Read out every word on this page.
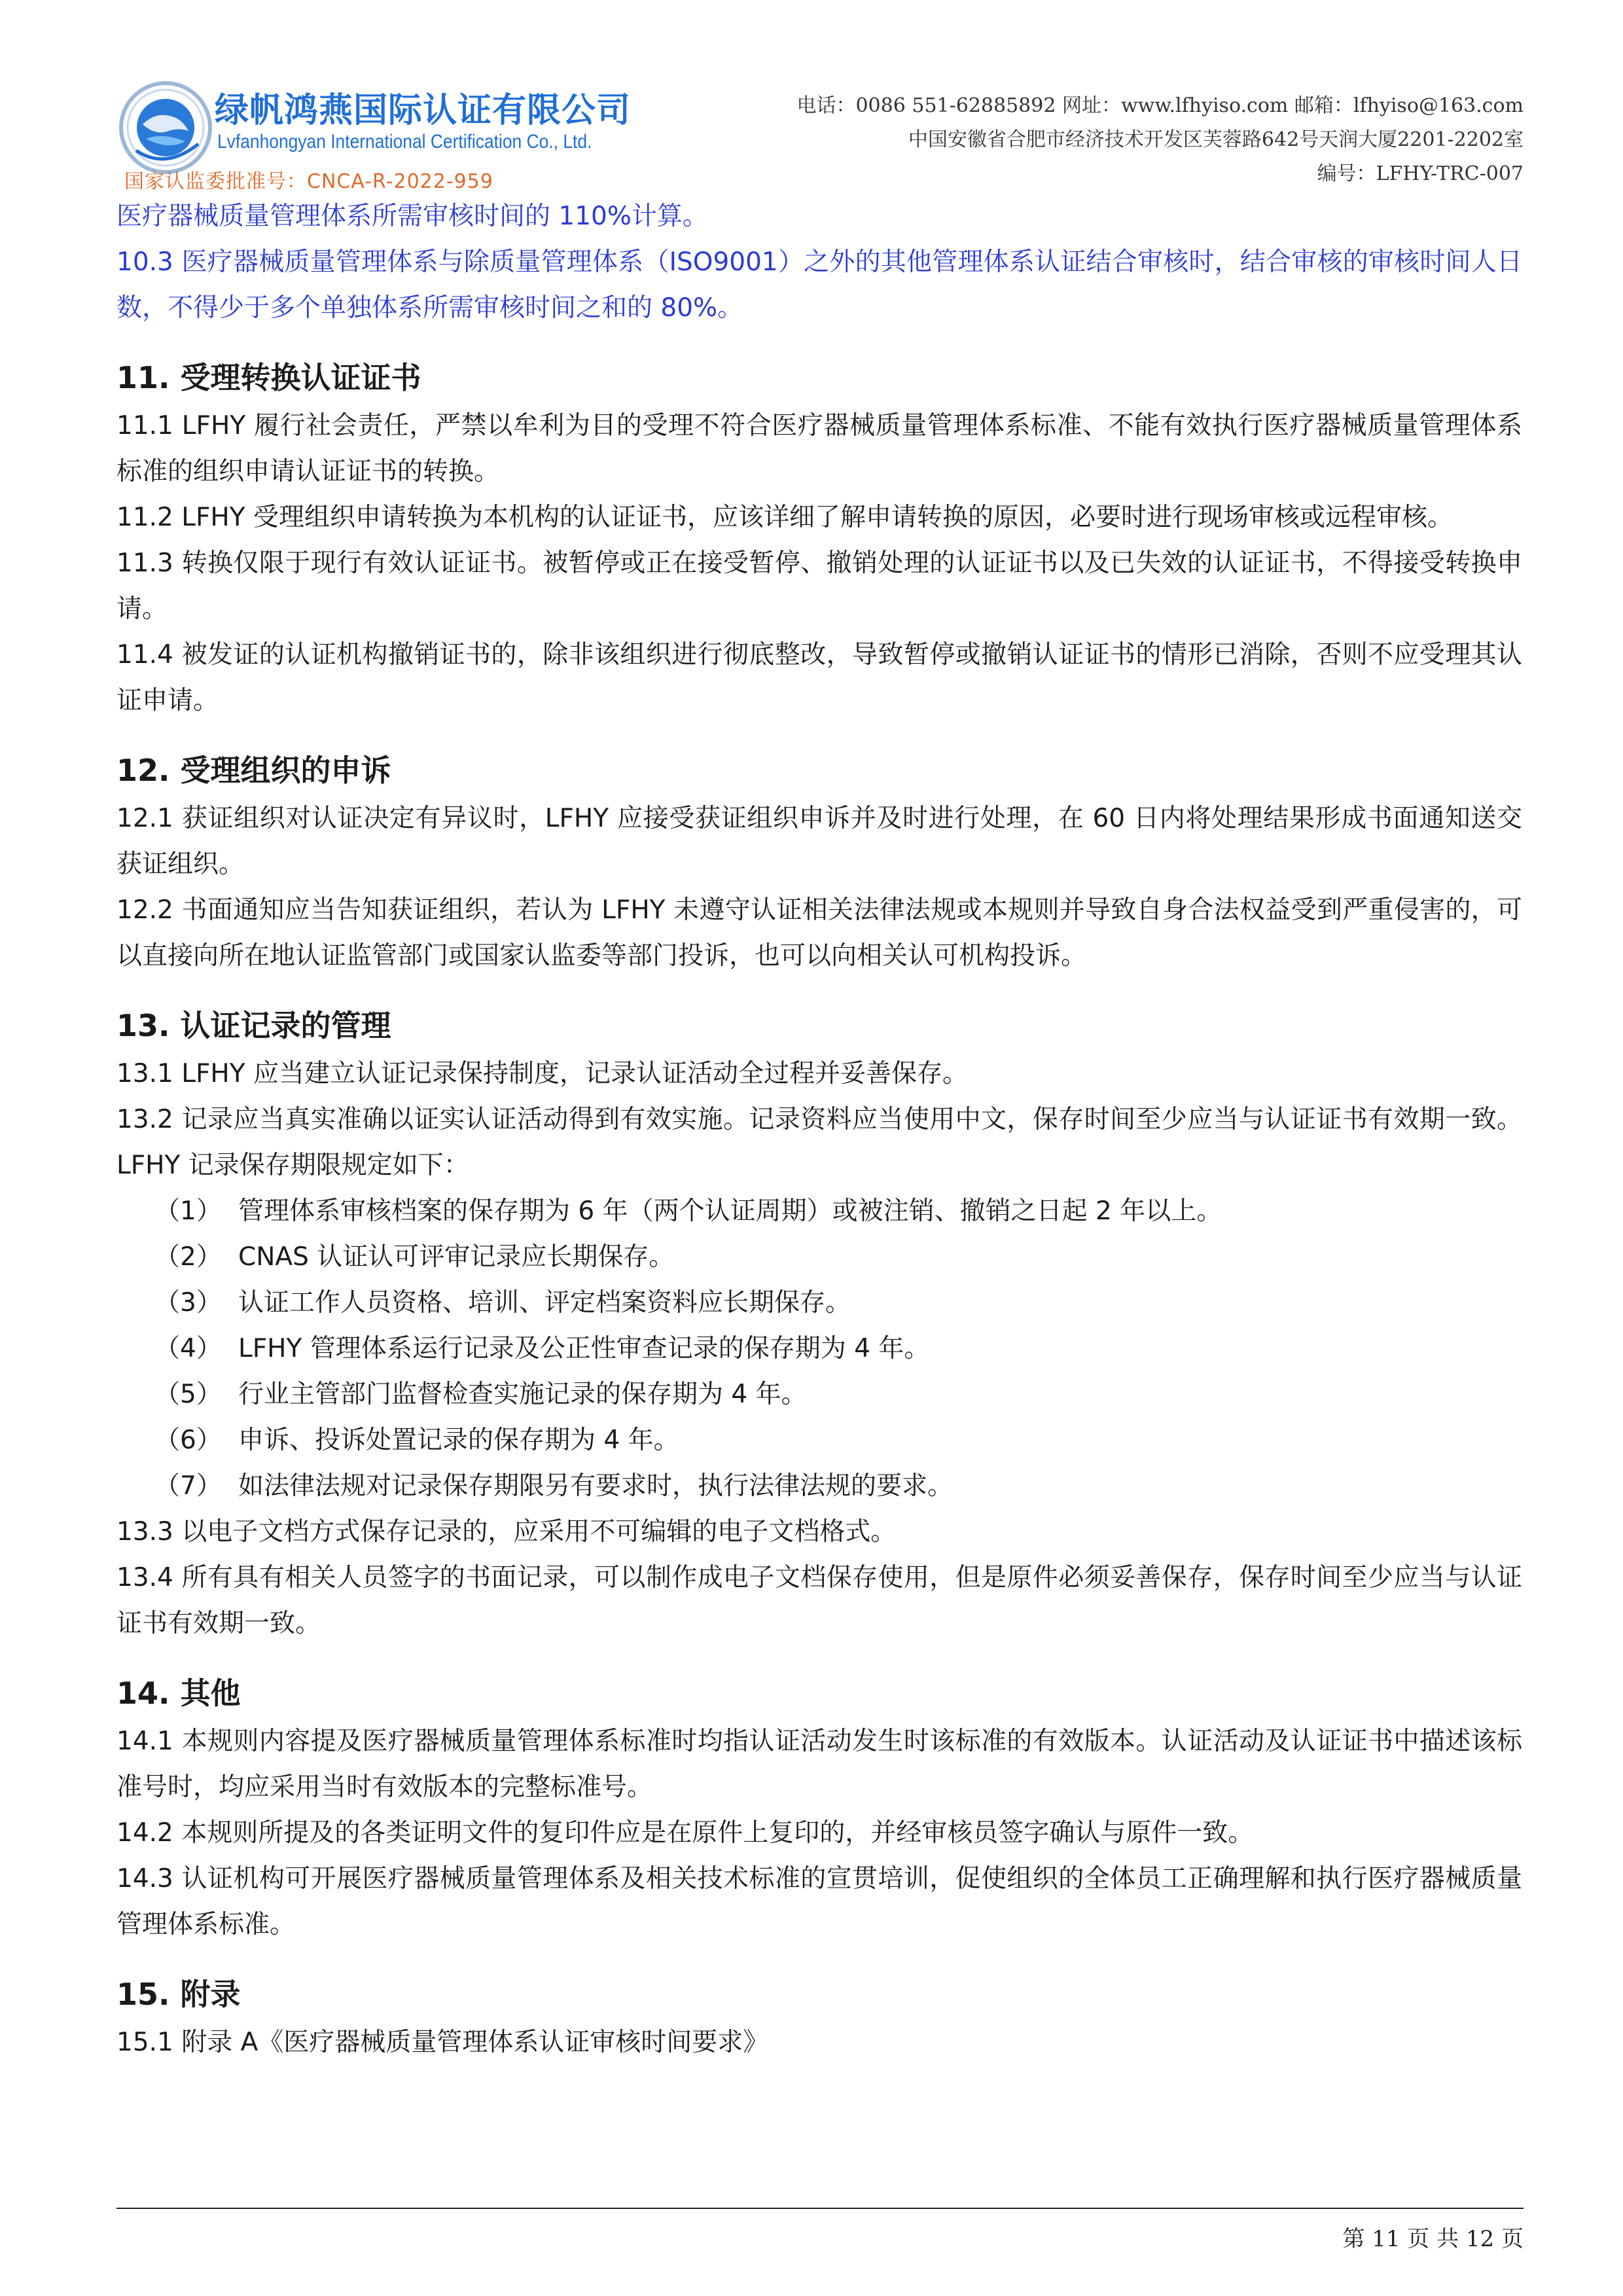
绿帆鸿燕国际认证有限公司
Lvfanhongyan International Certification Co., Ltd.
国家认监委批准号：CNCA-R-2022-959
电话：0086 551-62885892 网址：www.lfhyiso.com 邮箱：lfhyiso@163.com
中国安徽省合肥市经济技术开发区芙蓉路642号天润大厦2201-2202室
编号：LFHY-TRC-007

医疗器械质量管理体系所需审核时间的 110%计算。

10.3 医疗器械质量管理体系与除质量管理体系（ISO9001）之外的其他管理体系认证结合审核时，结合审核的审核时间人日数，不得少于多个单独体系所需审核时间之和的 80%。

11. 受理转换认证证书

11.1 LFHY 履行社会责任，严禁以牟利为目的受理不符合医疗器械质量管理体系标准、不能有效执行医疗器械质量管理体系标准的组织申请认证证书的转换。

11.2 LFHY 受理组织申请转换为本机构的认证证书，应该详细了解申请转换的原因，必要时进行现场审核或远程审核。

11.3 转换仅限于现行有效认证证书。被暂停或正在接受暂停、撤销处理的认证证书以及已失效的认证证书，不得接受转换申请。

11.4 被发证的认证机构撤销证书的，除非该组织进行彻底整改，导致暂停或撤销认证证书的情形已消除，否则不应受理其认证申请。

12. 受理组织的申诉

12.1 获证组织对认证决定有异议时，LFHY 应接受获证组织申诉并及时进行处理，在 60 日内将处理结果形成书面通知送交获证组织。

12.2 书面通知应当告知获证组织，若认为 LFHY 未遵守认证相关法律法规或本规则并导致自身合法权益受到严重侵害的，可以直接向所在地认证监管部门或国家认监委等部门投诉，也可以向相关认可机构投诉。

13. 认证记录的管理

13.1 LFHY 应当建立认证记录保持制度，记录认证活动全过程并妥善保存。

13.2 记录应当真实准确以证实认证活动得到有效实施。记录资料应当使用中文，保存时间至少应当与认证证书有效期一致。LFHY 记录保存期限规定如下：

（1） 管理体系审核档案的保存期为 6 年（两个认证周期）或被注销、撤销之日起 2 年以上。

（2） CNAS 认证认可评审记录应长期保存。

（3） 认证工作人员资格、培训、评定档案资料应长期保存。

（4） LFHY 管理体系运行记录及公正性审查记录的保存期为 4 年。

（5） 行业主管部门监督检查实施记录的保存期为 4 年。

（6） 申诉、投诉处置记录的保存期为 4 年。

（7） 如法律法规对记录保存期限另有要求时，执行法律法规的要求。

13.3 以电子文档方式保存记录的，应采用不可编辑的电子文档格式。

13.4 所有具有相关人员签字的书面记录，可以制作成电子文档保存使用，但是原件必须妥善保存，保存时间至少应当与认证证书有效期一致。

14. 其他

14.1 本规则内容提及医疗器械质量管理体系标准时均指认证活动发生时该标准的有效版本。认证活动及认证证书中描述该标准号时，均应采用当时有效版本的完整标准号。

14.2 本规则所提及的各类证明文件的复印件应是在原件上复印的，并经审核员签字确认与原件一致。

14.3 认证机构可开展医疗器械质量管理体系及相关技术标准的宣贯培训，促使组织的全体员工正确理解和执行医疗器械质量管理体系标准。

15. 附录

15.1 附录 A《医疗器械质量管理体系认证审核时间要求》

第 11 页 共 12 页
